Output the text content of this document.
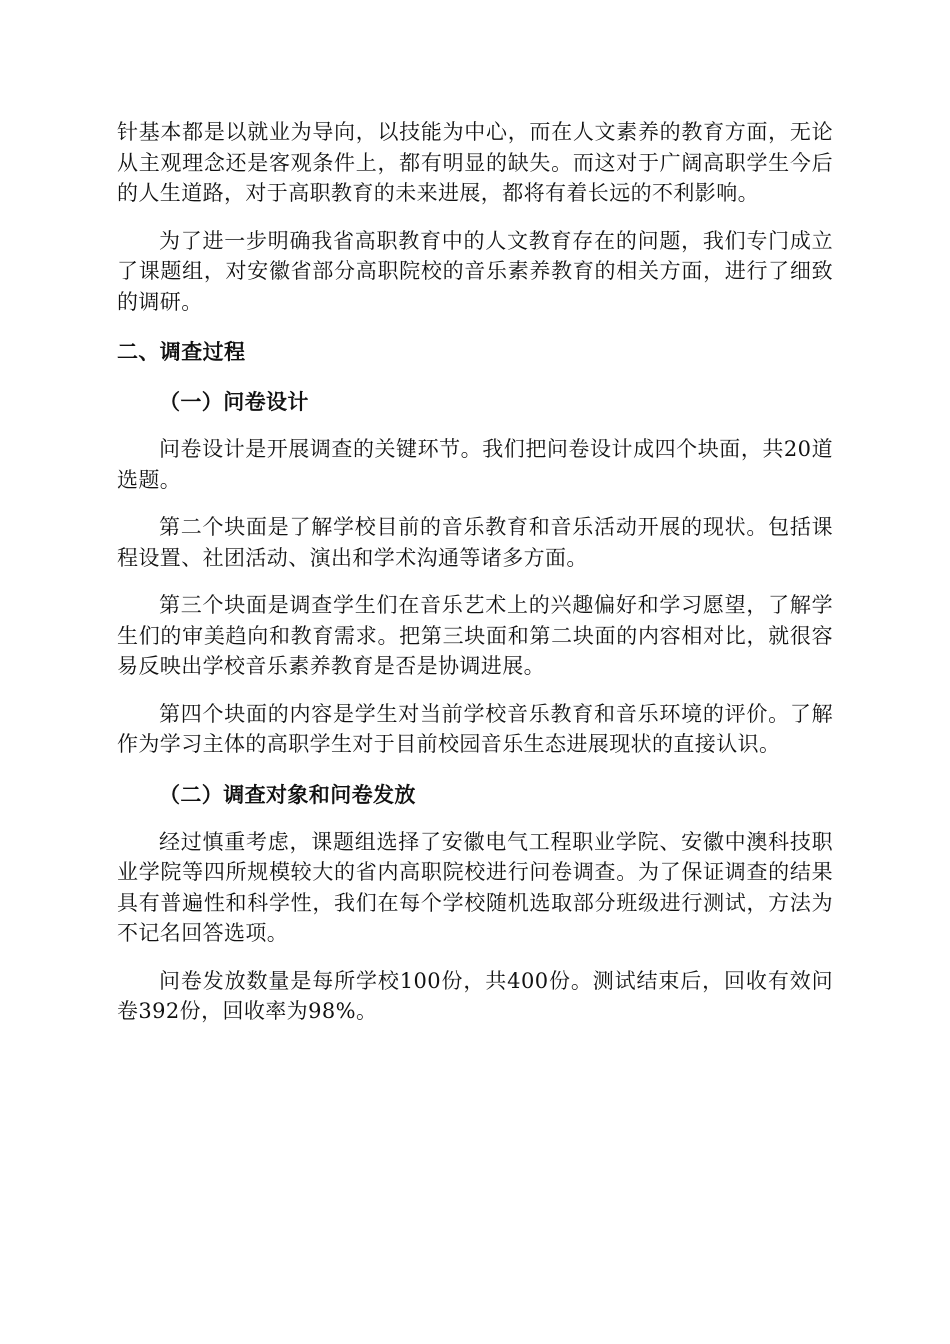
针基本都是以就业为导向，以技能为中心，而在人文素养的教育方面，无论从主观理念还是客观条件上，都有明显的缺失。而这对于广阔高职学生今后的人生道路，对于高职教育的未来进展，都将有着长远的不利影响。

为了进一步明确我省高职教育中的人文教育存在的问题，我们专门成立了课题组，对安徽省部分高职院校的音乐素养教育的相关方面，进行了细致的调研。

二、调查过程
（一）问卷设计

问卷设计是开展调查的关键环节。我们把问卷设计成四个块面，共20道选题。

第二个块面是了解学校目前的音乐教育和音乐活动开展的现状。包括课程设置、社团活动、演出和学术沟通等诸多方面。

第三个块面是调查学生们在音乐艺术上的兴趣偏好和学习愿望，了解学生们的审美趋向和教育需求。把第三块面和第二块面的内容相对比，就很容易反映出学校音乐素养教育是否是协调进展。

第四个块面的内容是学生对当前学校音乐教育和音乐环境的评价。了解作为学习主体的高职学生对于目前校园音乐生态进展现状的直接认识。

（二）调查对象和问卷发放

经过慎重考虑，课题组选择了安徽电气工程职业学院、安徽中澳科技职业学院等四所规模较大的省内高职院校进行问卷调查。为了保证调查的结果具有普遍性和科学性，我们在每个学校随机选取部分班级进行测试，方法为不记名回答选项。

问卷发放数量是每所学校100份，共400份。测试结束后，回收有效问卷392份，回收率为98%。
